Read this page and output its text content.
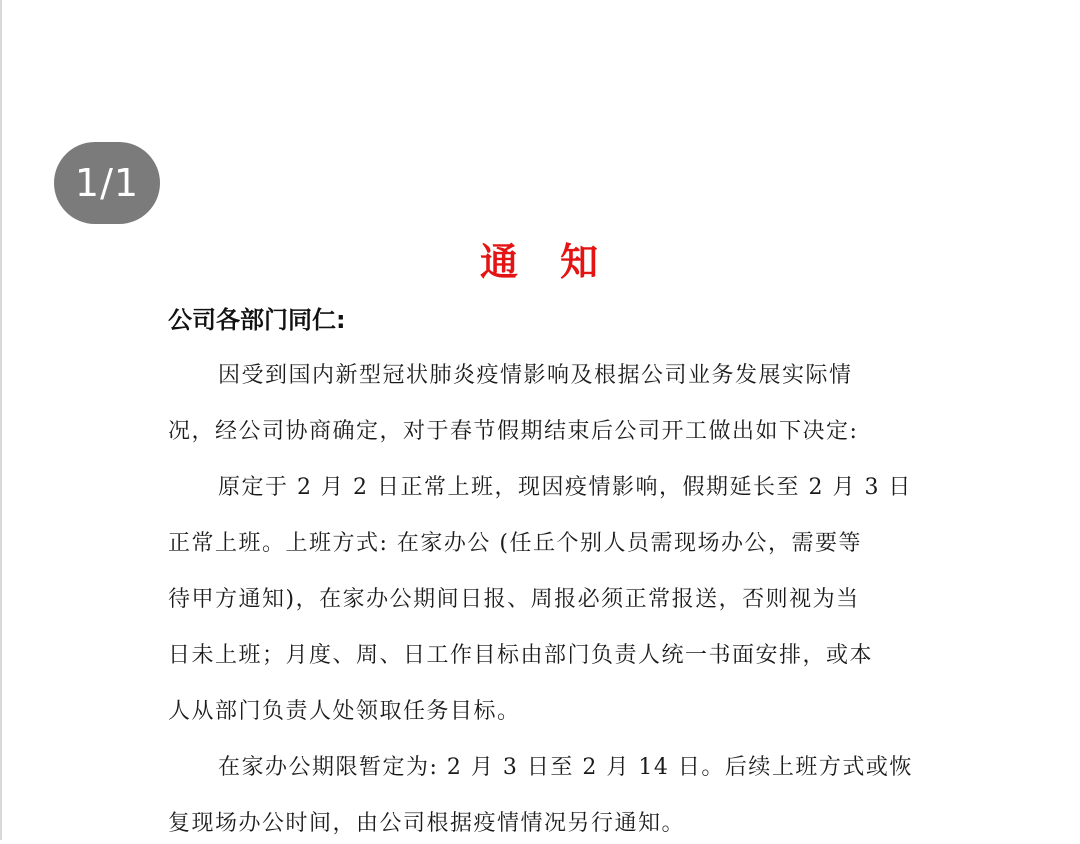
1/1
通　知
公司各部门同仁:
因受到国内新型冠状肺炎疫情影响及根据公司业务发展实际情
况，经公司协商确定，对于春节假期结束后公司开工做出如下决定:
原定于 2 月 2 日正常上班，现因疫情影响，假期延长至 2 月 3 日
正常上班。上班方式: 在家办公 (任丘个别人员需现场办公，需要等
待甲方通知)，在家办公期间日报、周报必须正常报送，否则视为当
日未上班；月度、周、日工作目标由部门负责人统一书面安排，或本
人从部门负责人处领取任务目标。
在家办公期限暂定为: 2 月 3 日至 2 月 14 日。后续上班方式或恢
复现场办公时间，由公司根据疫情情况另行通知。
